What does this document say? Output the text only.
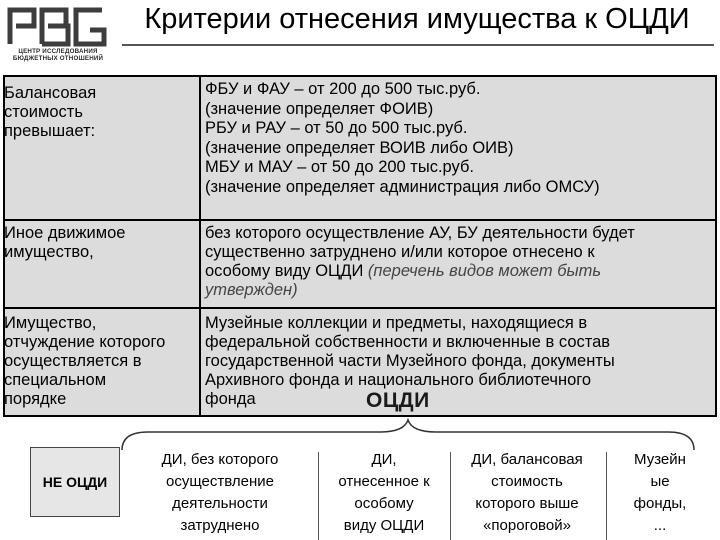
ЦЕНТР ИССЛЕДОВАНИЯ
БЮДЖЕТНЫХ ОТНОШЕНИЙ
Критерии отнесения имущества к ОЦДИ
Балансовая
стоимость
превышает:
ФБУ и ФАУ – от 200 до 500 тыс.руб.
(значение определяет ФОИВ)
РБУ и РАУ – от 50 до 500 тыс.руб.
(значение определяет ВОИВ либо ОИВ)
МБУ и МАУ – от 50 до 200 тыс.руб.
(значение определяет администрация либо ОМСУ)
Иное движимое
имущество,
без которого осуществление АУ, БУ деятельности будет
существенно затруднено и/или которое отнесено к
особому виду ОЦДИ (перечень видов может быть
утвержден)
Имущество,
отчуждение которого
осуществляется в
специальном
порядке
Музейные коллекции и предметы, находящиеся в
федеральной собственности и включенные в состав
государственной части Музейного фонда, документы
Архивного фонда и национального библиотечного
фонда	ОЦДИ
НЕ ОЦДИ
ДИ, без которого
осуществление
деятельности
затруднено
ДИ,
отнесенное к
особому
виду ОЦДИ
ДИ, балансовая
стоимость
которого выше
«пороговой»
Музейн
ые
фонды,
...
